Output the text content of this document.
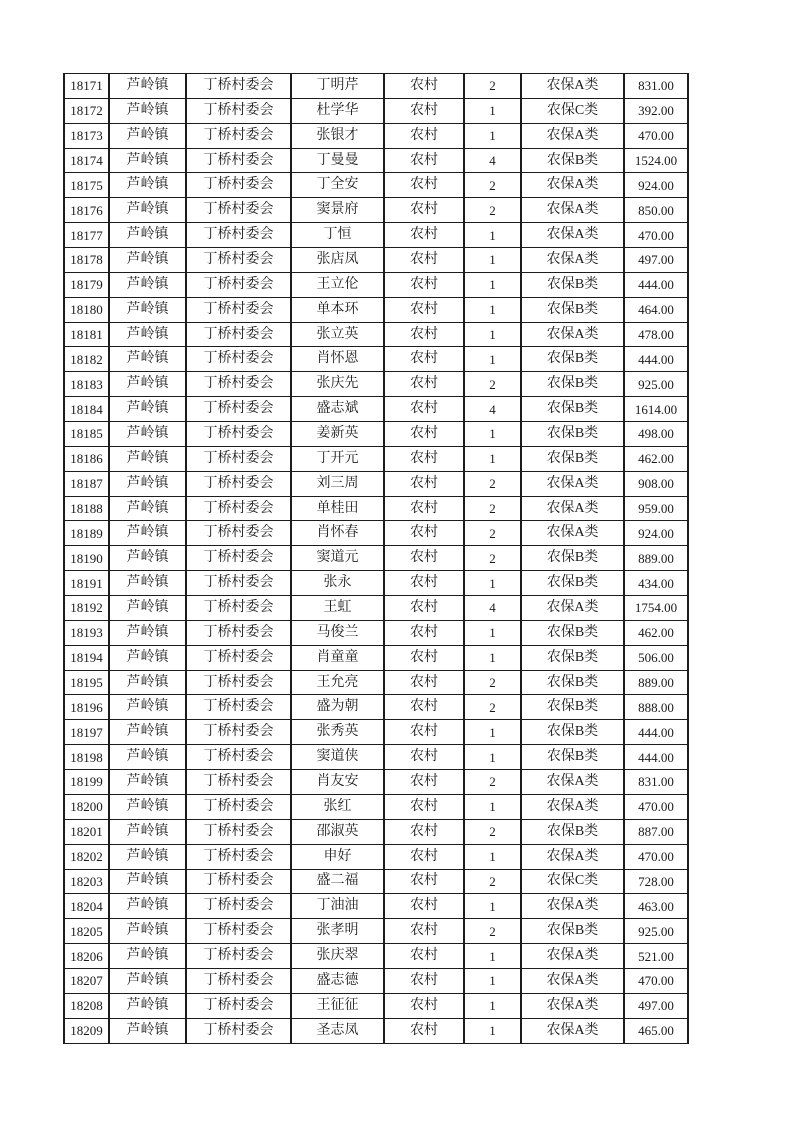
18171	芦岭镇	丁桥村委会	丁明芹	农村	2	农保A类	831.00
18172	芦岭镇	丁桥村委会	杜学华	农村	1	农保C类	392.00
18173	芦岭镇	丁桥村委会	张银才	农村	1	农保A类	470.00
18174	芦岭镇	丁桥村委会	丁曼曼	农村	4	农保B类	1524.00
18175	芦岭镇	丁桥村委会	丁全安	农村	2	农保A类	924.00
18176	芦岭镇	丁桥村委会	窦景府	农村	2	农保A类	850.00
18177	芦岭镇	丁桥村委会	丁恒	农村	1	农保A类	470.00
18178	芦岭镇	丁桥村委会	张店凤	农村	1	农保A类	497.00
18179	芦岭镇	丁桥村委会	王立伦	农村	1	农保B类	444.00
18180	芦岭镇	丁桥村委会	单本环	农村	1	农保B类	464.00
18181	芦岭镇	丁桥村委会	张立英	农村	1	农保A类	478.00
18182	芦岭镇	丁桥村委会	肖怀恩	农村	1	农保B类	444.00
18183	芦岭镇	丁桥村委会	张庆先	农村	2	农保B类	925.00
18184	芦岭镇	丁桥村委会	盛志斌	农村	4	农保B类	1614.00
18185	芦岭镇	丁桥村委会	姜新英	农村	1	农保B类	498.00
18186	芦岭镇	丁桥村委会	丁开元	农村	1	农保B类	462.00
18187	芦岭镇	丁桥村委会	刘三周	农村	2	农保A类	908.00
18188	芦岭镇	丁桥村委会	单桂田	农村	2	农保A类	959.00
18189	芦岭镇	丁桥村委会	肖怀春	农村	2	农保A类	924.00
18190	芦岭镇	丁桥村委会	窦道元	农村	2	农保B类	889.00
18191	芦岭镇	丁桥村委会	张永	农村	1	农保B类	434.00
18192	芦岭镇	丁桥村委会	王虹	农村	4	农保A类	1754.00
18193	芦岭镇	丁桥村委会	马俊兰	农村	1	农保B类	462.00
18194	芦岭镇	丁桥村委会	肖童童	农村	1	农保B类	506.00
18195	芦岭镇	丁桥村委会	王允亮	农村	2	农保B类	889.00
18196	芦岭镇	丁桥村委会	盛为朝	农村	2	农保B类	888.00
18197	芦岭镇	丁桥村委会	张秀英	农村	1	农保B类	444.00
18198	芦岭镇	丁桥村委会	窦道侠	农村	1	农保B类	444.00
18199	芦岭镇	丁桥村委会	肖友安	农村	2	农保A类	831.00
18200	芦岭镇	丁桥村委会	张红	农村	1	农保A类	470.00
18201	芦岭镇	丁桥村委会	邵淑英	农村	2	农保B类	887.00
18202	芦岭镇	丁桥村委会	申好	农村	1	农保A类	470.00
18203	芦岭镇	丁桥村委会	盛二福	农村	2	农保C类	728.00
18204	芦岭镇	丁桥村委会	丁油油	农村	1	农保A类	463.00
18205	芦岭镇	丁桥村委会	张孝明	农村	2	农保B类	925.00
18206	芦岭镇	丁桥村委会	张庆翠	农村	1	农保A类	521.00
18207	芦岭镇	丁桥村委会	盛志德	农村	1	农保A类	470.00
18208	芦岭镇	丁桥村委会	王征征	农村	1	农保A类	497.00
18209	芦岭镇	丁桥村委会	圣志凤	农村	1	农保A类	465.00
